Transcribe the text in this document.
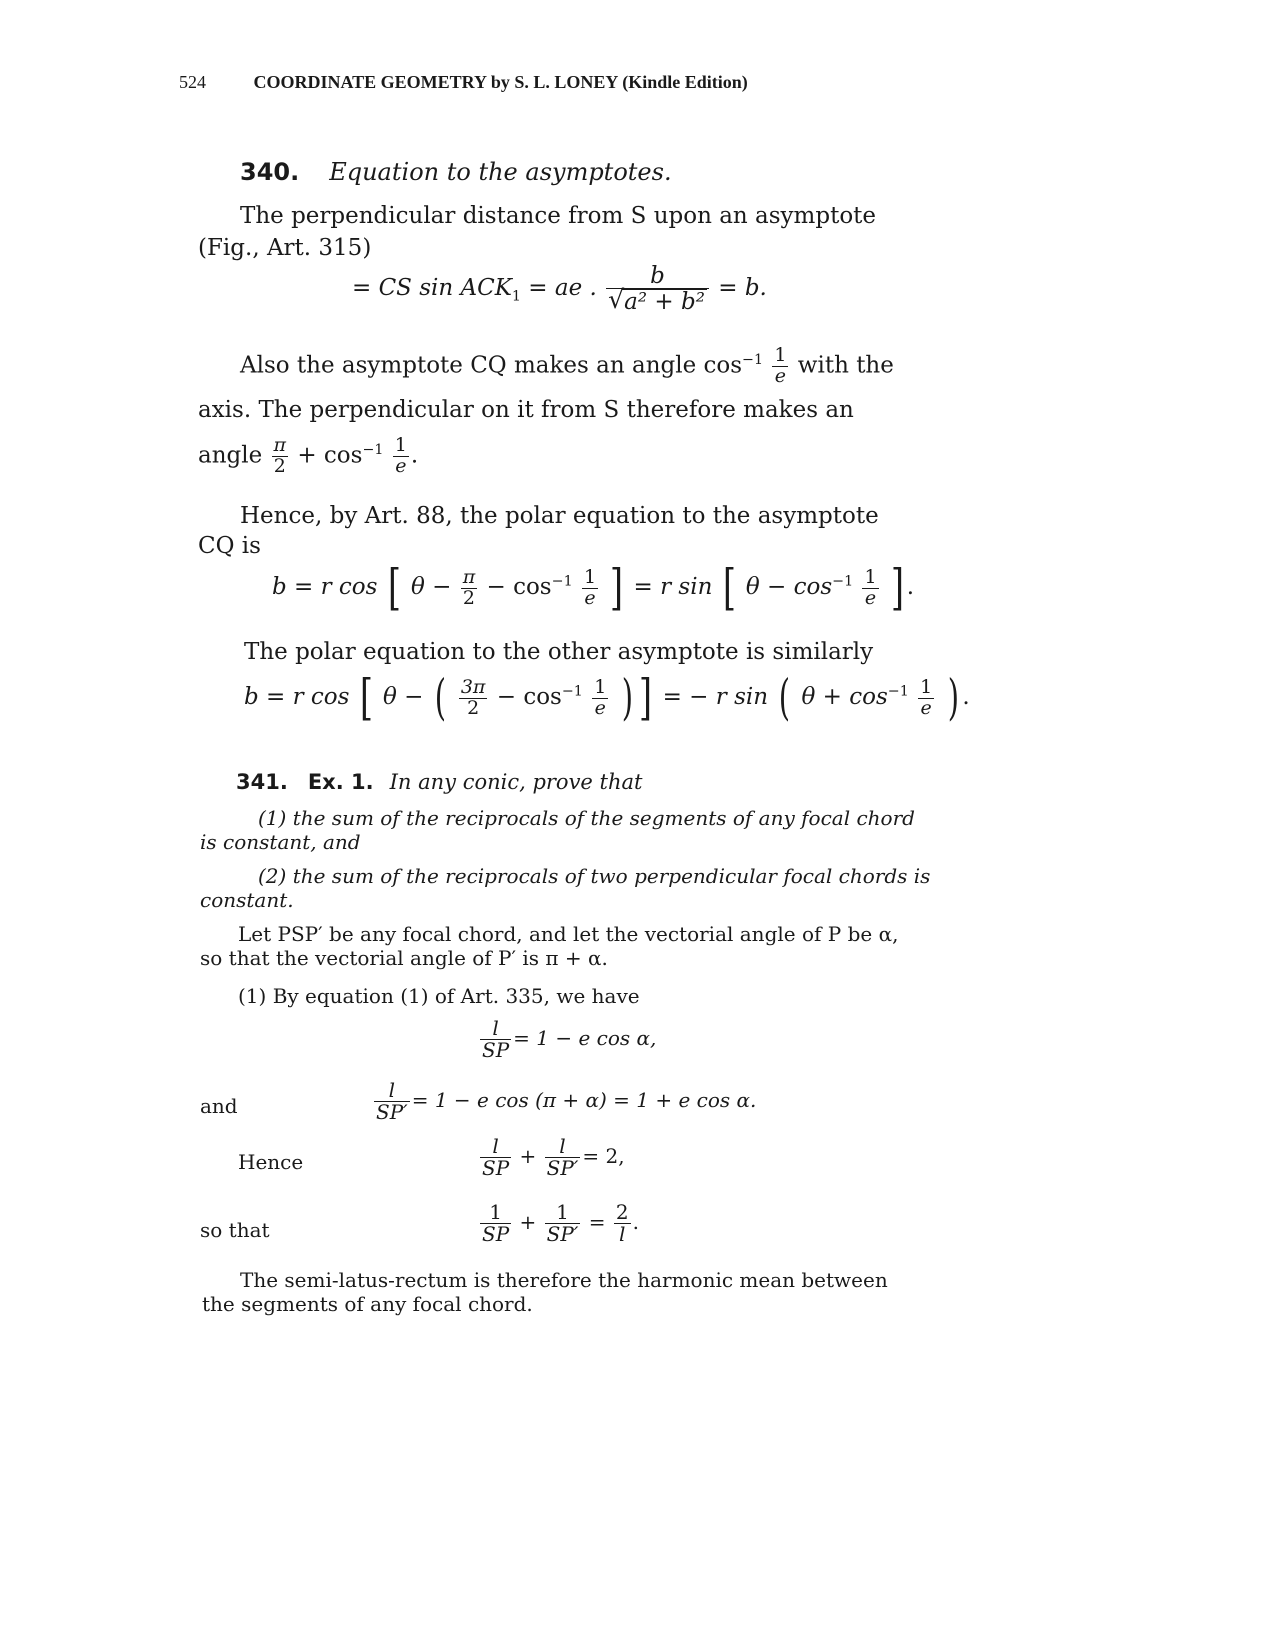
524	COORDINATE GEOMETRY by S. L. LONEY (Kindle Edition)
340. Equation to the asymptotes.
The perpendicular distance from S upon an asymptote
(Fig., Art. 315)
= CS $\sin ACK_1$ = ae . b
√ a² + b² = b.
Also the asymptote CQ makes an angle $\cos^{-1} \frac{1}{e}$ with the
axis. The perpendicular on it from S therefore makes an
angle $\frac{\pi}{2} + \cos^{-1} \frac{1}{e}$ .
Hence, by Art. 88, the polar equation to the asymptote
CQ is
b = r cos [ $\theta - \frac{\pi}{2} - \cos^{-1} \frac{1}{e}$ ] = r sin [ $\theta - \cos^{-1} \frac{1}{e}$ ] .
The polar equation to the other asymptote is similarly
b = r cos [ θ − ( $\frac{3\pi}{2} - \cos^{-1} \frac{1}{e}$ ) ] = − r sin ( $\theta + \cos^{-1} \frac{1}{e}$ ) .
341. Ex. 1. In any conic, prove that
(1) the sum of the reciprocals of the segments of any focal chord
is constant, and
(2) the sum of the reciprocals of two perpendicular focal chords is
constant.
Let PSP′ be any focal chord, and let the vectorial angle of P be α,
so that the vectorial angle of P′ is π + α.
(1) By equation (1) of Art. 335, we have
$\frac{l}{SP} = 1 - e$ cos α,
and	$\frac{l}{SP'} = 1 - e$ cos (π + α) = 1 + e cos α.
Hence	$\frac{l}{SP} + \frac{l}{SP'} = 2$,
so that	$\frac{1}{SP} + \frac{1}{SP'} = \frac{2}{l}$ .
The semi-latus-rectum is therefore the harmonic mean between
the segments of any focal chord.
